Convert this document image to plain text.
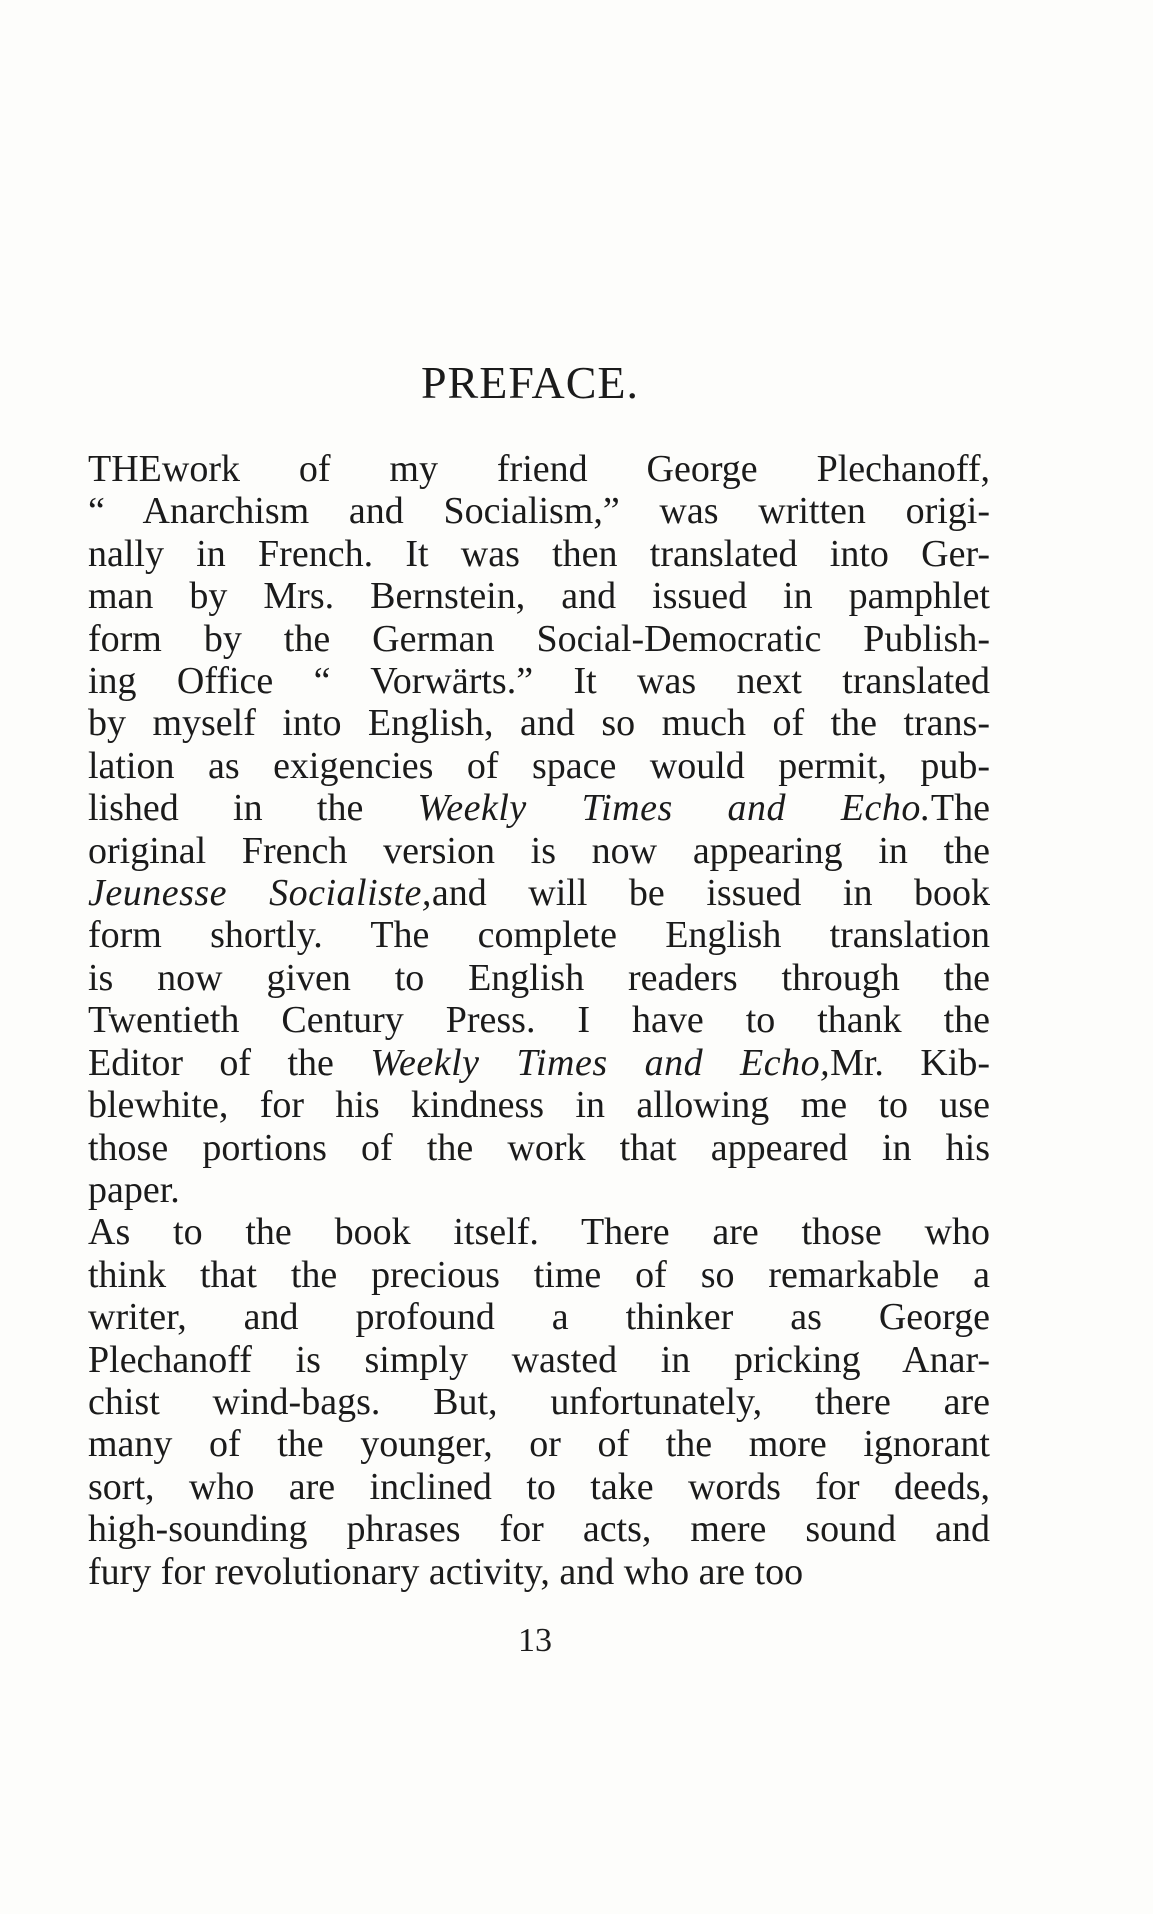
PREFACE.
THEwork of my friend George Plechanoff,
“ Anarchism and Socialism,” was written origi-
nally in French. It was then translated into Ger-
man by Mrs. Bernstein, and issued in pamphlet
form by the German Social-Democratic Publish-
ing Office “ Vorwärts.” It was next translated
by myself into English, and so much of the trans-
lation as exigencies of space would permit, pub-
lished in the Weekly Times and Echo.The
original French version is now appearing in the
Jeunesse Socialiste,and will be issued in book
form shortly. The complete English translation
is now given to English readers through the
Twentieth Century Press. I have to thank the
Editor of the Weekly Times and Echo,Mr. Kib-
blewhite, for his kindness in allowing me to use
those portions of the work that appeared in his
paper.
As to the book itself. There are those who
think that the precious time of so remarkable a
writer, and profound a thinker as George
Plechanoff is simply wasted in pricking Anar-
chist wind-bags. But, unfortunately, there are
many of the younger, or of the more ignorant
sort, who are inclined to take words for deeds,
high-sounding phrases for acts, mere sound and
fury for revolutionary activity, and who are too
13
